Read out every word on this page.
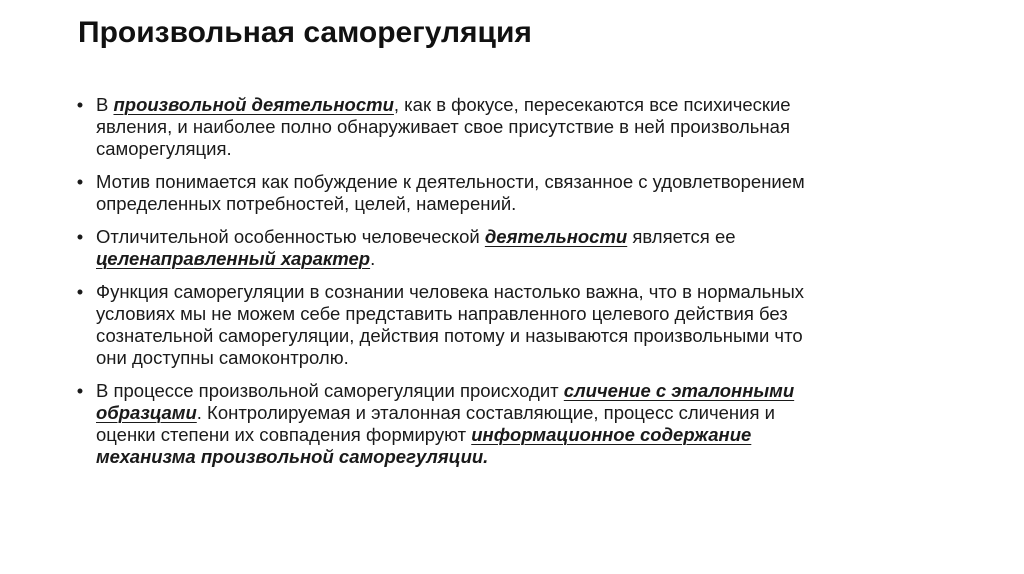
Произвольная саморегуляция
• В произвольной деятельности, как в фокусе, пересекаются все психические
явления, и наиболее полно обнаруживает свое присутствие в ней произвольная
саморегуляция.
• Мотив понимается как побуждение к деятельности, связанное с удовлетворением
определенных потребностей, целей, намерений.
• Отличительной особенностью человеческой деятельности является ее
целенаправленный характер.
• Функция саморегуляции в сознании человека настолько важна, что в нормальных
условиях мы не можем себе представить направленного целевого действия без
сознательной саморегуляции, действия потому и называются произвольными что
они доступны самоконтролю.
• В процессе произвольной саморегуляции происходит сличение с эталонными
образцами. Контролируемая и эталонная составляющие, процесс сличения и
оценки степени их совпадения формируют информационное содержание
механизма произвольной саморегуляции.
